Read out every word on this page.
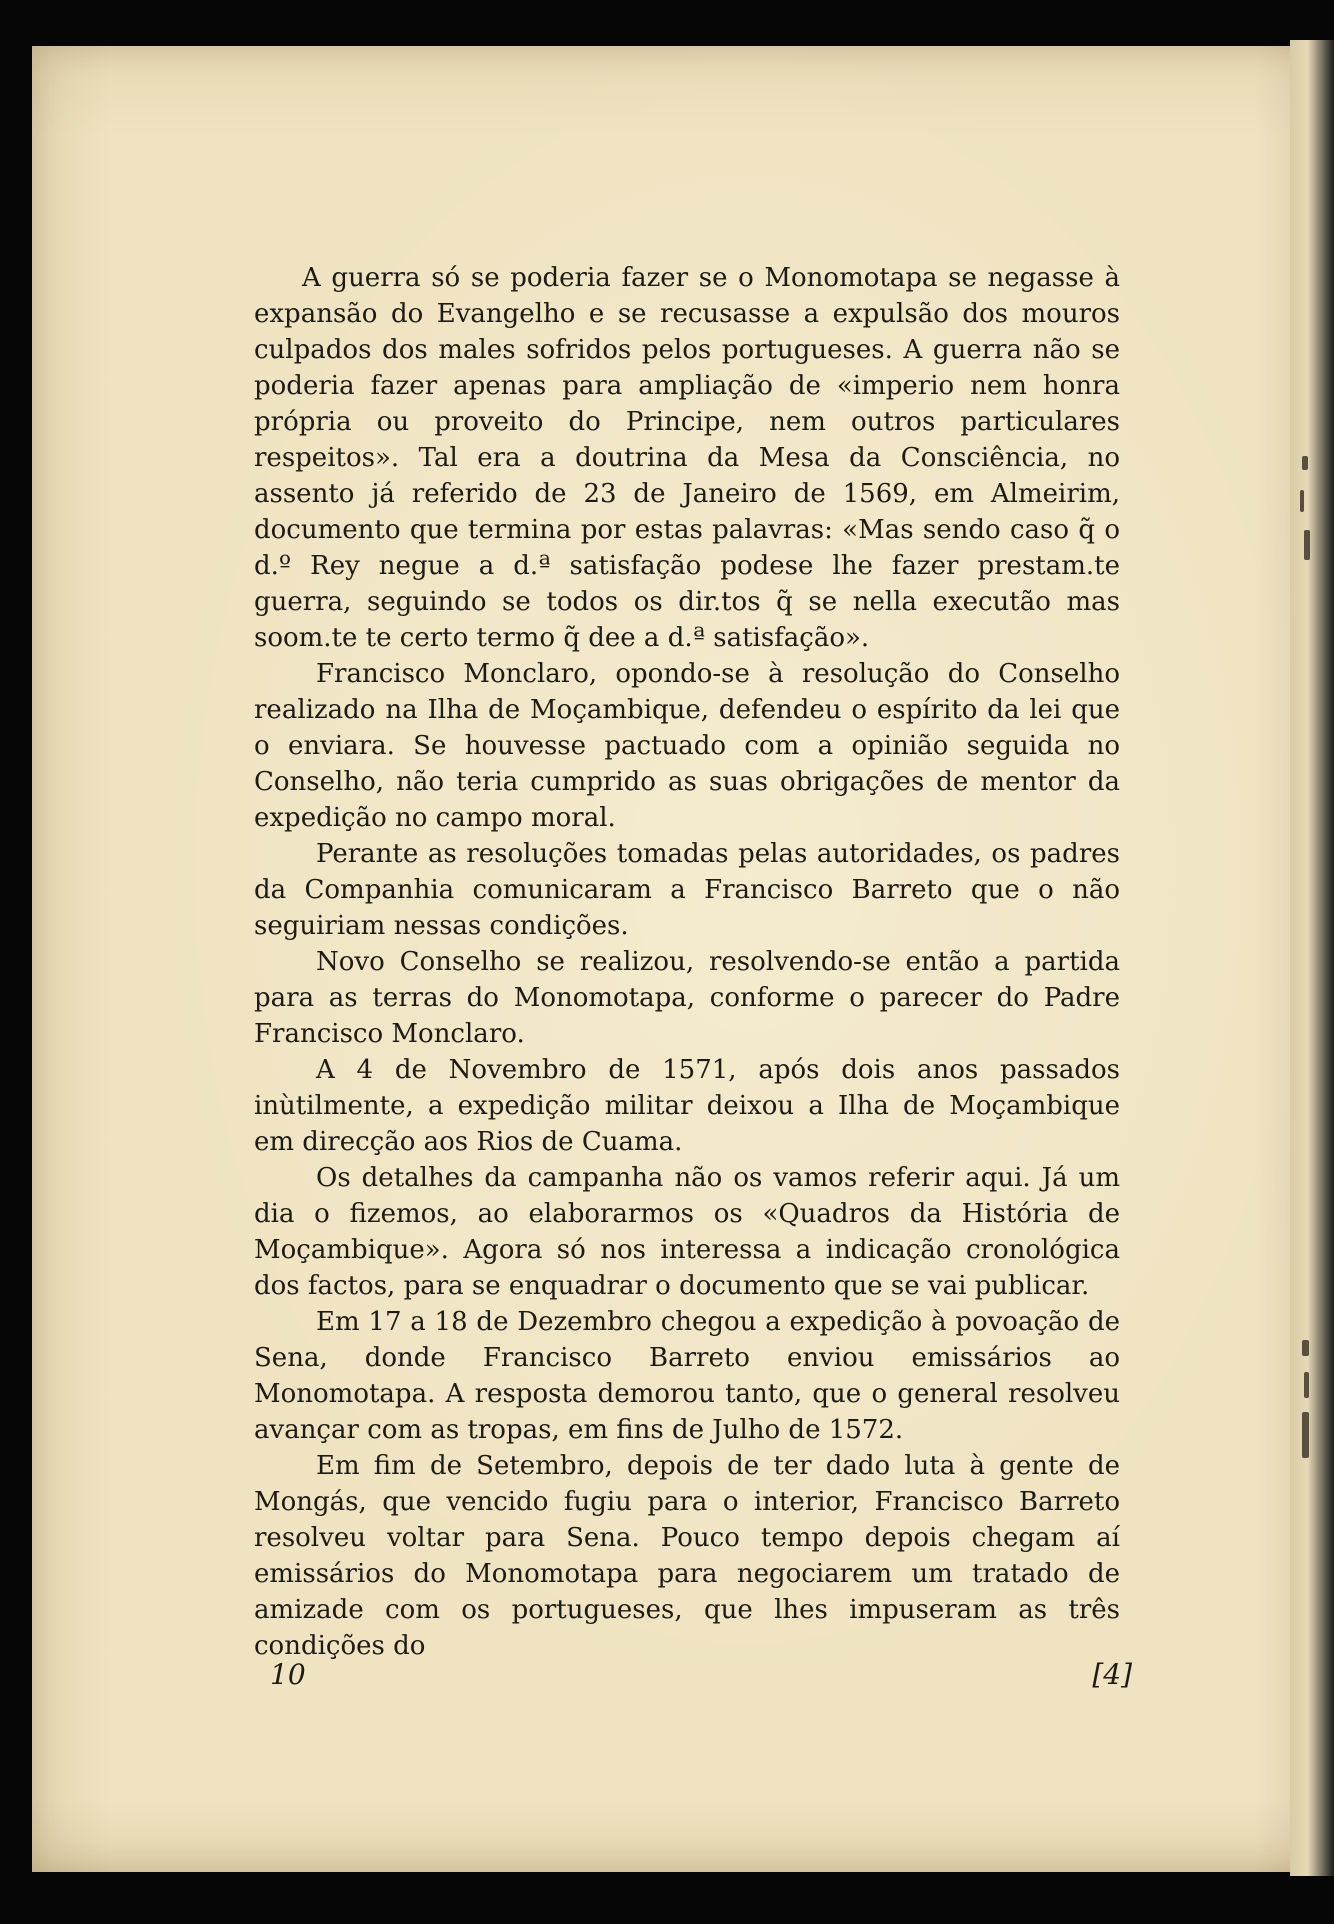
A guerra só se poderia fazer se o Monomotapa se negasse à expansão do Evangelho e se recusasse a expulsão dos mouros culpados dos males sofridos pelos portugueses. A guerra não se poderia fazer apenas para ampliação de «imperio nem honra própria ou proveito do Principe, nem outros particulares respeitos». Tal era a doutrina da Mesa da Consciência, no assento já referido de 23 de Janeiro de 1569, em Almeirim, documento que termina por estas palavras: «Mas sendo caso q̃ o d.º Rey negue a d.ª satisfação podese lhe fazer prestam.te guerra, seguindo se todos os dir.tos q̃ se nella executão mas soom.te te certo termo q̃ dee a d.ª satisfação».

Francisco Monclaro, opondo-se à resolução do Conselho realizado na Ilha de Moçambique, defendeu o espírito da lei que o enviara. Se houvesse pactuado com a opinião seguida no Conselho, não teria cumprido as suas obrigações de mentor da expedição no campo moral.

Perante as resoluções tomadas pelas autoridades, os padres da Companhia comunicaram a Francisco Barreto que o não seguiriam nessas condições.

Novo Conselho se realizou, resolvendo-se então a partida para as terras do Monomotapa, conforme o parecer do Padre Francisco Monclaro.

A 4 de Novembro de 1571, após dois anos passados inùtilmente, a expedição militar deixou a Ilha de Moçambique em direcção aos Rios de Cuama.

Os detalhes da campanha não os vamos referir aqui. Já um dia o fizemos, ao elaborarmos os «Quadros da História de Moçambique». Agora só nos interessa a indicação cronológica dos factos, para se enquadrar o documento que se vai publicar.

Em 17 a 18 de Dezembro chegou a expedição à povoação de Sena, donde Francisco Barreto enviou emissários ao Monomotapa. A resposta demorou tanto, que o general resolveu avançar com as tropas, em fins de Julho de 1572.

Em fim de Setembro, depois de ter dado luta à gente de Mongás, que vencido fugiu para o interior, Francisco Barreto resolveu voltar para Sena. Pouco tempo depois chegam aí emissários do Monomotapa para negociarem um tratado de amizade com os portugueses, que lhes impuseram as três condições do

10	[4]
